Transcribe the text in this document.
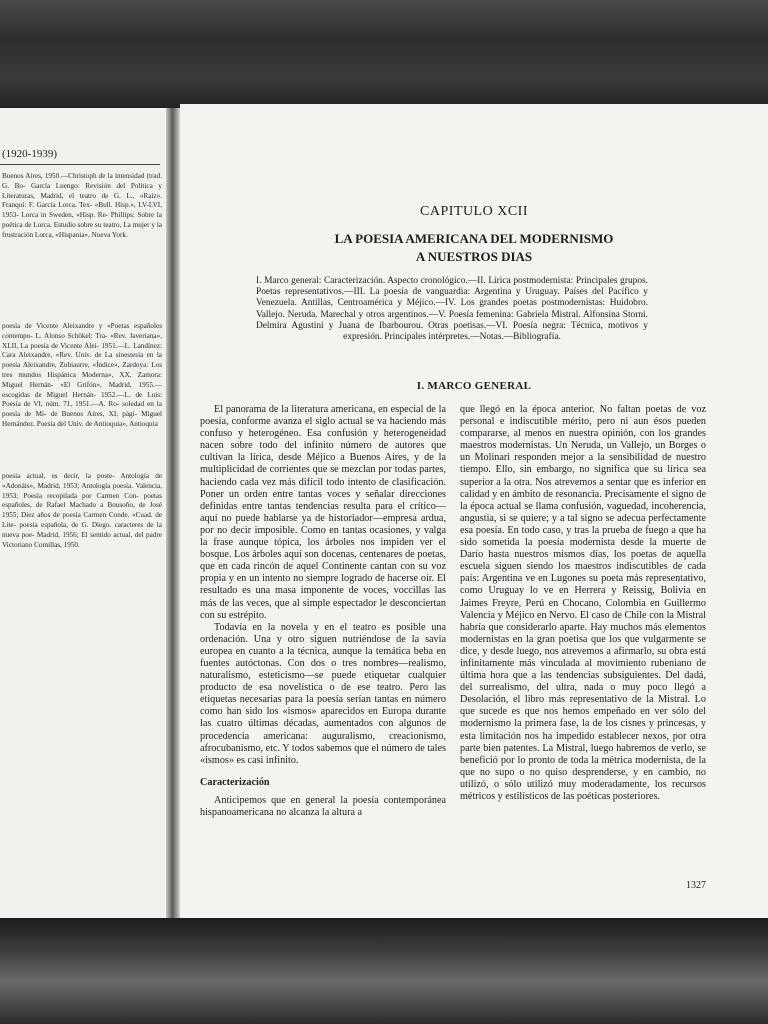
(1920-1939)
Buenos Aires, 1950.—Christoph de la intensidad (trad. G. Bo- García Luengo: Revisión del Política y Literaturas, Madrid, el teatro de G. L., «Raíz». Franquí: F. García Lorca. Tex- «Bull. Hisp.», LV-LVI, 1953- Lorca in Sweden, «Hisp. Re- Phillips: Sobre la poética de Lorca. Estudio sobre su teatro, La mujer y la frustración Lorca, «Hispania», Nueva York.
poesía de Vicente Aleixandre y «Poetas españoles contempo- L. Alonso Schökel: Tra- «Rev. Javeriana», XLII, La poesía de Vicente Alei- 1951.—L. Landínez: Cara Aleixandre, «Rev. Univ. de La sinestesia en la poesía Aleixandre, Zubiaurre, «Índice», Zardoya: Los tres mundos Hispánica Moderna», XX, Zamora: Miguel Hernán- «El Grifón», Madrid, 1955.— escogidas de Miguel Hernán- 1952.—L. de Luis: Poesía de VI, núm. 71, 1951.—A. Ro- soledad en la poesía de Mi- de Buenos Aires, XI, pági- Miguel Hernández. Poesía del Univ. de Antioquia», Antioquia
poesía actual, es decir, la poste- Antología de «Adonáis», Madrid, 1953; Antología poesía. Valencia, 1953; Poesía recopilada por Carmen Con- poetas españoles, de Rafael Machado a Bousoño, de José 1955; Diez años de poesía Carmen Conde. «Cuad. de Lite- poesía española, de G. Diego. caracteres de la nueva poe- Madrid, 1956; El sentido actual, del padre Victoriano Comillas, 1950.
CAPITULO XCII
LA POESIA AMERICANA DEL MODERNISMO
A NUESTROS DIAS
I. Marco general: Caracterización. Aspecto cronológico.—II. Lírica postmodernista: Principales grupos. Poetas representativos.—III. La poesía de vanguardia: Argentina y Uruguay. Países del Pacífico y Venezuela. Antillas, Centroamérica y Méjico.—IV. Los grandes poetas postmodernistas: Huidobro. Vallejo. Neruda. Marechal y otros argentinos.—V. Poesía femenina: Gabriela Mistral. Alfonsina Storni. Delmira Agustini y Juana de Ibarbourou. Otras poetisas.—VI. Poesía negra: Técnica, motivos y expresión. Principales intérpretes.—Notas.—Bibliografía.
I. MARCO GENERAL

El panorama de la literatura americana, en especial de la poesía, conforme avanza el siglo actual se va haciendo más confuso y heterogéneo. Esa confusión y heterogeneidad nacen sobre todo del infinito número de autores que cultivan la lírica, desde Méjico a Buenos Aires, y de la multiplicidad de corrientes que se mezclan por todas partes, haciendo cada vez más difícil todo intento de clasificación. Poner un orden entre tantas voces y señalar direcciones definidas entre tantas tendencias resulta para el crítico—aquí no puede hablarse ya de historiador—empresa ardua, por no decir imposible. Como en tantas ocasiones, y valga la frase aunque tópica, los árboles nos impiden ver el bosque. Los árboles aquí son docenas, centenares de poetas, que en cada rincón de aquel Continente cantan con su voz propia y en un intento no siempre logrado de hacerse oír. El resultado es una masa imponente de voces, voccillas las más de las veces, que al simple espectador le desconciertan con su estrépito.

Todavía en la novela y en el teatro es posible una ordenación. Una y otro siguen nutriéndose de la savia europea en cuanto a la técnica, aunque la temática beba en fuentes autóctonas. Con dos o tres nombres—realismo, naturalismo, esteticismo—se puede etiquetar cualquier producto de esa novelística o de ese teatro. Pero las etiquetas necesarias para la poesía serían tantas en número como han sido los «ismos» aparecidos en Europa durante las cuatro últimas décadas, aumentados con algunos de procedencia americana: auguralismo, creacionismo, afrocubanismo, etc. Y todos sabemos que el número de tales «ismos» es casi infinito.

Caracterización

Anticipemos que en general la poesía contemporánea hispanoamericana no alcanza la altura a

que llegó en la época anterior. No faltan poetas de voz personal e indiscutible mérito, pero ni aun ésos pueden compararse, al menos en nuestra opinión, con los grandes maestros modernistas. Un Neruda, un Vallejo, un Borges o un Molinari responden mejor a la sensibilidad de nuestro tiempo. Ello, sin embargo, no significa que su lírica sea superior a la otra. Nos atrevemos a sentar que es inferior en calidad y en ámbito de resonancia. Precisamente el signo de la época actual se llama confusión, vaguedad, incoherencia, angustia, si se quiere; y a tal signo se adecua perfectamente esa poesía. En todo caso, y tras la prueba de fuego a que ha sido sometida la poesía modernista desde la muerte de Darío hasta nuestros mismos días, los poetas de aquella escuela siguen siendo los maestros indiscutibles de cada país: Argentina ve en Lugones su poeta más representativo, como Uruguay lo ve en Herrera y Reissig, Bolivia en Jaimes Freyre, Perú en Chocano, Colombia en Guillermo Valencia y Méjico en Nervo. El caso de Chile con la Mistral habría que considerarlo aparte. Hay muchos más elementos modernistas en la gran poetisa que los que vulgarmente se dice, y desde luego, nos atrevemos a afirmarlo, su obra está infinitamente más vinculada al movimiento rubeniano de última hora que a las tendencias subsiguientes. Del dadá, del surrealismo, del ultra, nada o muy poco llegó a Desolación, el libro más representativo de la Mistral. Lo que sucede es que nos hemos empeñado en ver sólo del modernismo la primera fase, la de los cisnes y princesas, y esta limitación nos ha impedido establecer nexos, por otra parte bien patentes. La Mistral, luego habremos de verlo, se benefició por lo pronto de toda la métrica modernista, de la que no supo o no quiso desprenderse, y en cambio, no utilizó, o sólo utilizó muy moderadamente, los recursos métricos y estilísticos de las poéticas posteriores.

1327
